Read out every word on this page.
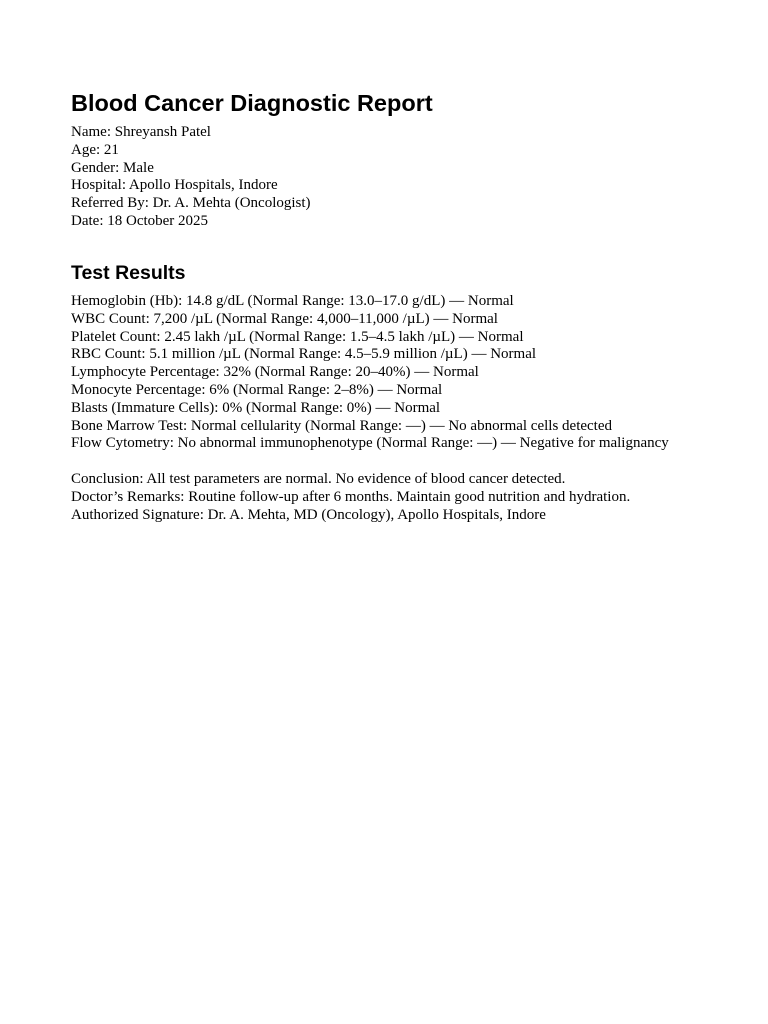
Blood Cancer Diagnostic Report
Name: Shreyansh Patel
Age: 21
Gender: Male
Hospital: Apollo Hospitals, Indore
Referred By: Dr. A. Mehta (Oncologist)
Date: 18 October 2025
Test Results
Hemoglobin (Hb): 14.8 g/dL (Normal Range: 13.0–17.0 g/dL) — Normal
WBC Count: 7,200 /µL (Normal Range: 4,000–11,000 /µL) — Normal
Platelet Count: 2.45 lakh /µL (Normal Range: 1.5–4.5 lakh /µL) — Normal
RBC Count: 5.1 million /µL (Normal Range: 4.5–5.9 million /µL) — Normal
Lymphocyte Percentage: 32% (Normal Range: 20–40%) — Normal
Monocyte Percentage: 6% (Normal Range: 2–8%) — Normal
Blasts (Immature Cells): 0% (Normal Range: 0%) — Normal
Bone Marrow Test: Normal cellularity (Normal Range: —) — No abnormal cells detected
Flow Cytometry: No abnormal immunophenotype (Normal Range: —) — Negative for malignancy
Conclusion: All test parameters are normal. No evidence of blood cancer detected.
Doctor’s Remarks: Routine follow-up after 6 months. Maintain good nutrition and hydration.
Authorized Signature: Dr. A. Mehta, MD (Oncology), Apollo Hospitals, Indore
